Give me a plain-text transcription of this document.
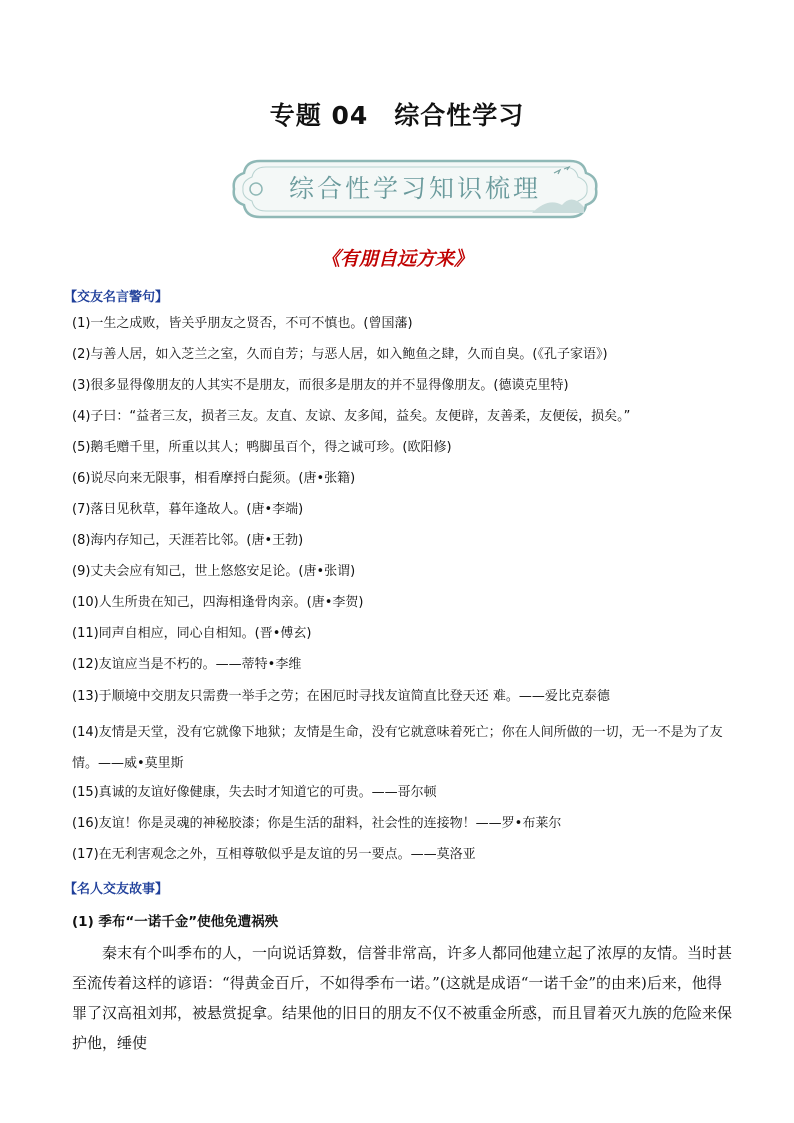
专题 04　综合性学习
综合性学习知识梳理
《有朋自远方来》
【交友名言警句】
(1)一生之成败，皆关乎朋友之贤否，不可不慎也。(曾国藩)
(2)与善人居，如入芝兰之室，久而自芳；与恶人居，如入鲍鱼之肆，久而自臭。(《孔子家语》)
(3)很多显得像朋友的人其实不是朋友，而很多是朋友的并不显得像朋友。(德谟克里特)
(4)子曰：“益者三友，损者三友。友直、友谅、友多闻，益矣。友便辟，友善柔，友便佞，损矣。”
(5)鹅毛赠千里，所重以其人；鸭脚虽百个，得之诚可珍。(欧阳修)
(6)说尽向来无限事，相看摩捋白髭须。(唐•张籍)
(7)落日见秋草，暮年逢故人。(唐•李端)
(8)海内存知己，天涯若比邻。(唐•王勃)
(9)丈夫会应有知己，世上悠悠安足论。(唐•张谓)
(10)人生所贵在知己，四海相逢骨肉亲。(唐•李贺)
(11)同声自相应，同心自相知。(晋•傅玄)
(12)友谊应当是不朽的。——蒂特•李维
(13)于顺境中交朋友只需费一举手之劳；在困厄时寻找友谊简直比登天还 难。——爱比克泰德
(14)友情是天堂，没有它就像下地狱；友情是生命，没有它就意味着死亡；你在人间所做的一切，无一不是为了友情。——威•莫里斯
(15)真诚的友谊好像健康，失去时才知道它的可贵。——哥尔顿
(16)友谊！你是灵魂的神秘胶漆；你是生活的甜料，社会性的连接物！——罗•布莱尔
(17)在无利害观念之外，互相尊敬似乎是友谊的另一要点。——莫洛亚
【名人交友故事】
(1) 季布“一诺千金”使他免遭祸殃
秦末有个叫季布的人，一向说话算数，信誉非常高，许多人都同他建立起了浓厚的友情。当时甚至流传着这样的谚语：“得黄金百斤，不如得季布一诺。”(这就是成语“一诺千金”的由来)后来，他得罪了汉高祖刘邦，被悬赏捉拿。结果他的旧日的朋友不仅不被重金所惑，而且冒着灭九族的危险来保护他，缍使
